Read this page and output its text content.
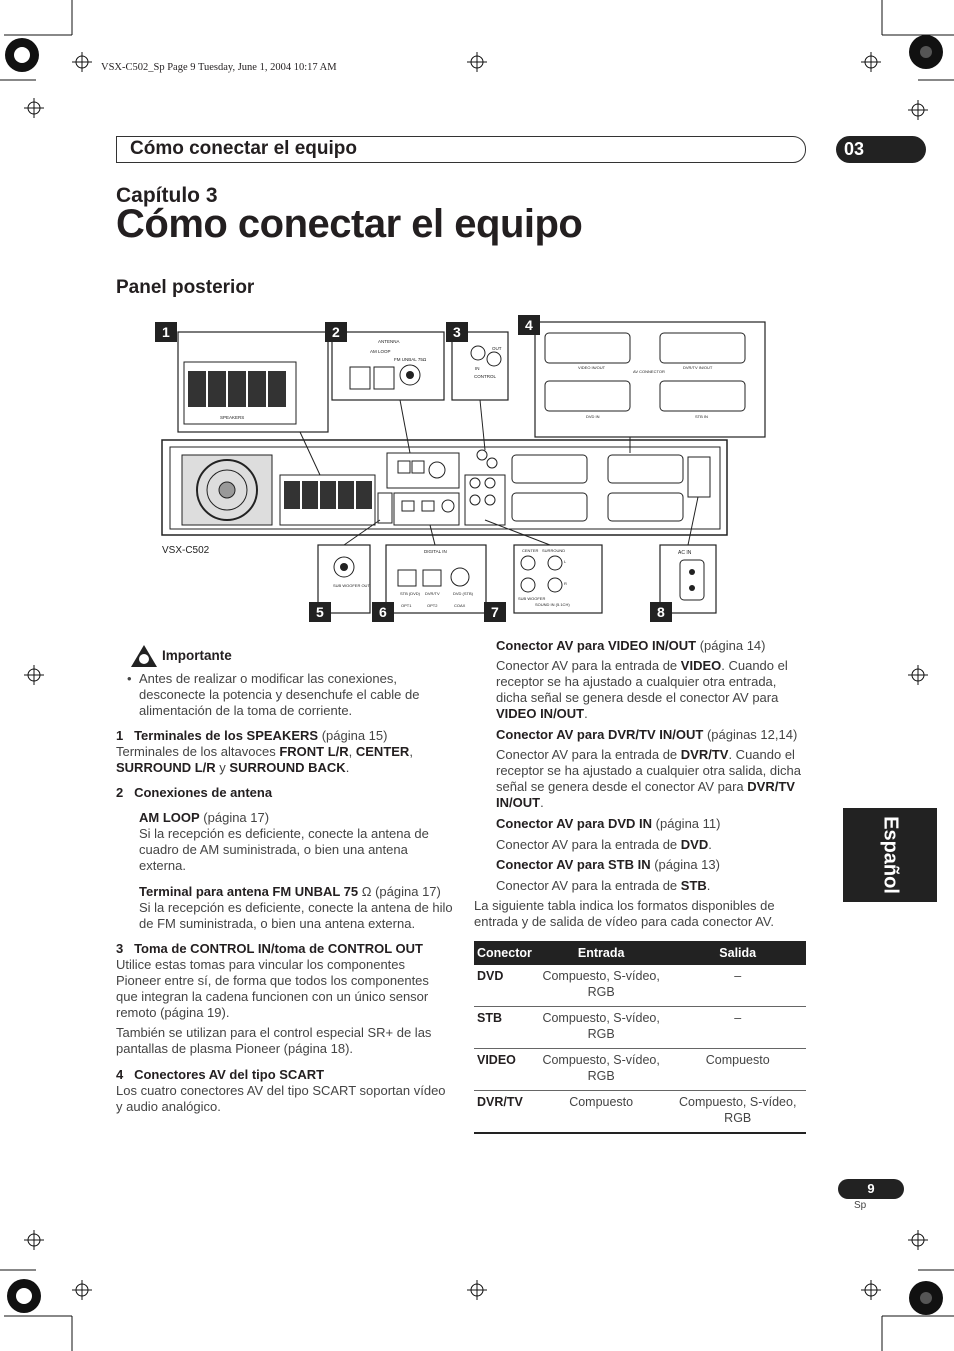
VSX-C502_Sp Page 9 Tuesday, June 1, 2004 10:17 AM
Cómo conectar el equipo	03
Capítulo 3
Cómo conectar el equipo
Panel posterior
Español
VSX-C502
SPEAKERS
ANTENNA
AM LOOP
FM UNBAL 75Ω
IN
OUT
CONTROL
VIDEO IN/OUT	DVR/TV IN/OUT
AV CONNECTOR
DVD IN	STB IN
SUB WOOFER OUT
DIGITAL IN
STB (DVD) DVR/TV	DVD (STB)
OPT1	OPT2	COAX
CENTER SURROUND
SUB WOOFER
SOUND IN (5.1CH)
L
R
AC IN
1	2	3	4
5	6	7	8
Importante
• Antes de realizar o modificar las conexiones, desconecte la potencia y desenchufe el cable de alimentación de la toma de corriente.
1 Terminales de los SPEAKERS (página 15)
Terminales de los altavoces FRONT L/R, CENTER,
SURROUND L/R y SURROUND BACK.
2 Conexiones de antena
AM LOOP (página 17)
Si la recepción es deficiente, conecte la antena de cuadro de AM suministrada, o bien una antena externa.
Terminal para antena FM UNBAL 75 Ω (página 17)
Si la recepción es deficiente, conecte la antena de hilo de FM suministrada, o bien una antena externa.
3 Toma de CONTROL IN/toma de CONTROL OUT
Utilice estas tomas para vincular los componentes Pioneer entre sí, de forma que todos los componentes que integran la cadena funcionen con un único sensor remoto (página 19).
También se utilizan para el control especial SR+ de las pantallas de plasma Pioneer (página 18).
4 Conectores AV del tipo SCART
Los cuatro conectores AV del tipo SCART soportan vídeo y audio analógico.
Conector AV para VIDEO IN/OUT (página 14)
Conector AV para la entrada de VIDEO. Cuando el receptor se ha ajustado a cualquier otra entrada, dicha señal se genera desde el conector AV para VIDEO IN/OUT.
Conector AV para DVR/TV IN/OUT (páginas 12,14)
Conector AV para la entrada de DVR/TV. Cuando el receptor se ha ajustado a cualquier otra salida, dicha señal se genera desde el conector AV para DVR/TV IN/OUT.
Conector AV para DVD IN (página 11)
Conector AV para la entrada de DVD.
Conector AV para STB IN (página 13)
Conector AV para la entrada de STB.
La siguiente tabla indica los formatos disponibles de entrada y de salida de vídeo para cada conector AV.
Conector	Entrada	Salida
DVD	Compuesto, S-vídeo, RGB	–
STB	Compuesto, S-vídeo, RGB	–
VIDEO	Compuesto, S-vídeo, RGB	Compuesto
DVR/TV	Compuesto	Compuesto, S-vídeo, RGB
9
Sp
